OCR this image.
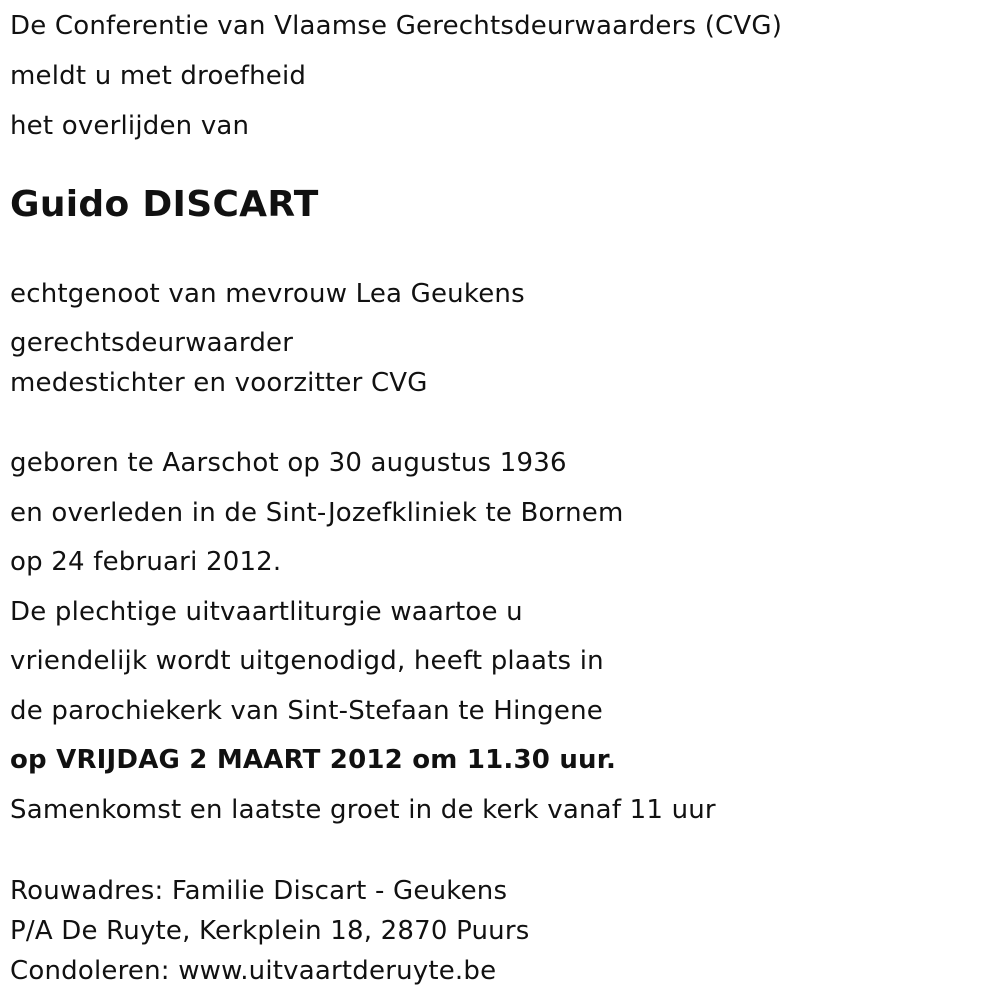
De Conferentie van Vlaamse Gerechtsdeurwaarders (CVG)
meldt u met droefheid
het overlijden van
Guido DISCART
echtgenoot van mevrouw Lea Geukens
gerechtsdeurwaarder
medestichter en voorzitter CVG
geboren te Aarschot op 30 augustus 1936
en overleden in de Sint-Jozefkliniek te Bornem
op 24 februari 2012.
De plechtige uitvaartliturgie waartoe u
vriendelijk wordt uitgenodigd, heeft plaats in
de parochiekerk van Sint-Stefaan te Hingene
op VRIJDAG 2 MAART 2012 om 11.30 uur.
Samenkomst en laatste groet in de kerk vanaf 11 uur
Rouwadres: Familie Discart - Geukens
P/A De Ruyte, Kerkplein 18, 2870 Puurs
Condoleren: www.uitvaartderuyte.be
